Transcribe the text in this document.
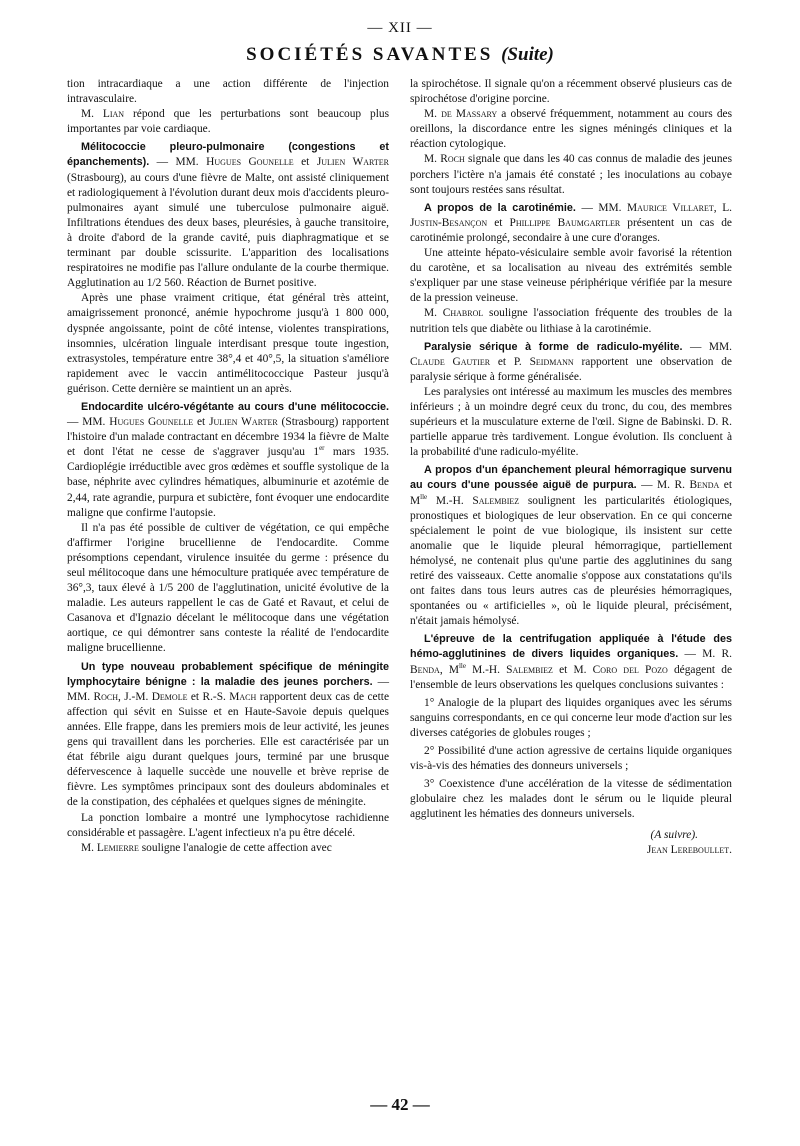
— XII —
SOCIÉTÉS SAVANTES (Suite)

tion intracardiaque a une action différente de l'injection intravasculaire.

M. Lian répond que les perturbations sont beaucoup plus importantes par voie cardiaque.

Mélitococcie pleuro-pulmonaire (congestions et épanchements). — MM. Hugues Gounelle et Julien Warter (Strasbourg), au cours d'une fièvre de Malte, ont assisté cliniquement et radiologiquement à l'évolution durant deux mois d'accidents pleuro-pulmonaires ayant simulé une tuberculose pulmonaire aiguë. Infiltrations étendues des deux bases, pleurésies, à gauche transitoire, à droite d'abord de la grande cavité, puis diaphragmatique et se terminant par double scissurite. L'apparition des localisations respiratoires ne modifie pas l'allure ondulante de la courbe thermique. Agglutination au 1/2 560. Réaction de Burnet positive.

Après une phase vraiment critique, état général très atteint, amaigrissement prononcé, anémie hypochrome jusqu'à 1 800 000, dyspnée angoissante, point de côté intense, violentes transpirations, insomnies, ulcération linguale interdisant presque toute ingestion, extrasystoles, température entre 38°,4 et 40°,5, la situation s'améliore rapidement avec le vaccin antimélitococcique Pasteur jusqu'à guérison. Cette dernière se maintient un an après.

Endocardite ulcéro-végétante au cours d'une mélitococcie. — MM. Hugues Gounelle et Julien Warter (Strasbourg) rapportent l'histoire d'un malade contractant en décembre 1934 la fièvre de Malte et dont l'état ne cesse de s'aggraver jusqu'au 1er mars 1935. Cardioplégie irréductible avec gros œdèmes et souffle systolique de la base, néphrite avec cylindres hématiques, albuminurie et azotémie de 2,44, rate agrandie, purpura et subictère, font évoquer une endocardite maligne que confirme l'autopsie.

Il n'a pas été possible de cultiver de végétation, ce qui empêche d'affirmer l'origine brucellienne de l'endocardite. Comme présomptions cependant, virulence insuitée du germe : présence du seul mélitocoque dans une hémoculture pratiquée avec température de 36°,3, taux élevé à 1/5 200 de l'agglutination, unicité évolutive de la maladie. Les auteurs rappellent le cas de Gaté et Ravaut, et celui de Casanova et d'Ignazio décelant le mélitocoque dans une végétation aortique, ce qui démontrer sans conteste la réalité de l'endocardite maligne brucellienne.

Un type nouveau probablement spécifique de méningite lymphocytaire bénigne : la maladie des jeunes porchers. — MM. Roch, J.-M. Demole et R.-S. Mach rapportent deux cas de cette affection qui sévit en Suisse et en Haute-Savoie depuis quelques années. Elle frappe, dans les premiers mois de leur activité, les jeunes gens qui travaillent dans les porcheries. Elle est caractérisée par un état fébrile aigu durant quelques jours, terminé par une brusque défervescence à laquelle succède une nouvelle et brève reprise de fièvre. Les symptômes principaux sont des douleurs abdominales et de la constipation, des céphalées et quelques signes de méningite.

La ponction lombaire a montré une lymphocytose rachidienne considérable et passagère. L'agent infectieux n'a pu être décelé.

M. Lemierre souligne l'analogie de cette affection avec

la spirochétose. Il signale qu'on a récemment observé plusieurs cas de spirochétose d'origine porcine.

M. de Massary a observé fréquemment, notamment au cours des oreillons, la discordance entre les signes méningés cliniques et la réaction cytologique.

M. Roch signale que dans les 40 cas connus de maladie des jeunes porchers l'ictère n'a jamais été constaté ; les inoculations au cobaye sont toujours restées sans résultat.

A propos de la carotinémie. — MM. Maurice Villaret, L. Justin-Besançon et Phillippe Baumgartler présentent un cas de carotinémie prolongé, secondaire à une cure d'oranges.

Une atteinte hépato-vésiculaire semble avoir favorisé la rétention du carotène, et sa localisation au niveau des extrémités semble s'expliquer par une stase veineuse périphérique vérifiée par la mesure de la pression veineuse.

M. Chabrol souligne l'association fréquente des troubles de la nutrition tels que diabète ou lithiase à la carotinémie.

Paralysie sérique à forme de radiculo-myélite. — MM. Claude Gautier et P. Seidmann rapportent une observation de paralysie sérique à forme généralisée.

Les paralysies ont intéressé au maximum les muscles des membres inférieurs ; à un moindre degré ceux du tronc, du cou, des membres supérieurs et la musculature externe de l'œil. Signe de Babinski. D. R. partielle apparue très tardivement. Longue évolution. Ils concluent à la probabilité d'une radiculo-myélite.

A propos d'un épanchement pleural hémorragique survenu au cours d'une poussée aiguë de purpura. — M. R. Benda et $M^{lle}$ M.-H. Salembiez soulignent les particularités étiologiques, pronostiques et biologiques de leur observation. En ce qui concerne spécialement le point de vue biologique, ils insistent sur cette anomalie que le liquide pleural hémorragique, partiellement hémolysé, ne contenait plus qu'une partie des agglutinines du sang retiré des vaisseaux. Cette anomalie s'oppose aux constatations qu'ils ont faites dans tous leurs autres cas de pleurésies hémorragiques, spontanées ou « artificielles », où le liquide pleural, précisément, n'était jamais hémolysé.

L'épreuve de la centrifugation appliquée à l'étude des hémo-agglutinines de divers liquides organiques. — M. R. Benda, $M^{lle}$ M.-H. Salembiez et M. Coro del Pozo dégagent de l'ensemble de leurs observations les quelques conclusions suivantes :

1° Analogie de la plupart des liquides organiques avec les sérums sanguins correspondants, en ce qui concerne leur mode d'action sur les diverses catégories de globules rouges ;

2° Possibilité d'une action agressive de certains liquide organiques vis-à-vis des hématies des donneurs universels ;

3° Coexistence d'une accélération de la vitesse de sédimentation globulaire chez les malades dont le sérum ou le liquide pleural agglutinent les hématies des donneurs universels.

(A suivre).
Jean Lereboullet.
— 42 —
